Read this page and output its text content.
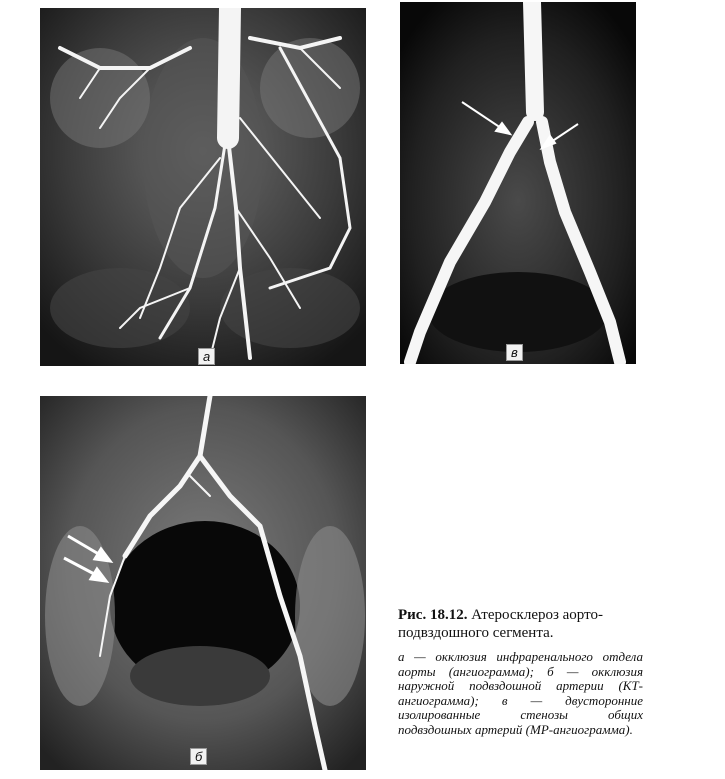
а	в
б

Рис. 18.12. Атеросклероз аортоподвздошного сегмента.

а — окклюзия инфраренального отдела аорты (ангиограмма); б — окклюзия наружной подвздошной артерии (КТ-ангиограмма); в — двусторонние изолированные стенозы общих подвздошных артерий (МР-ангиограмма).
